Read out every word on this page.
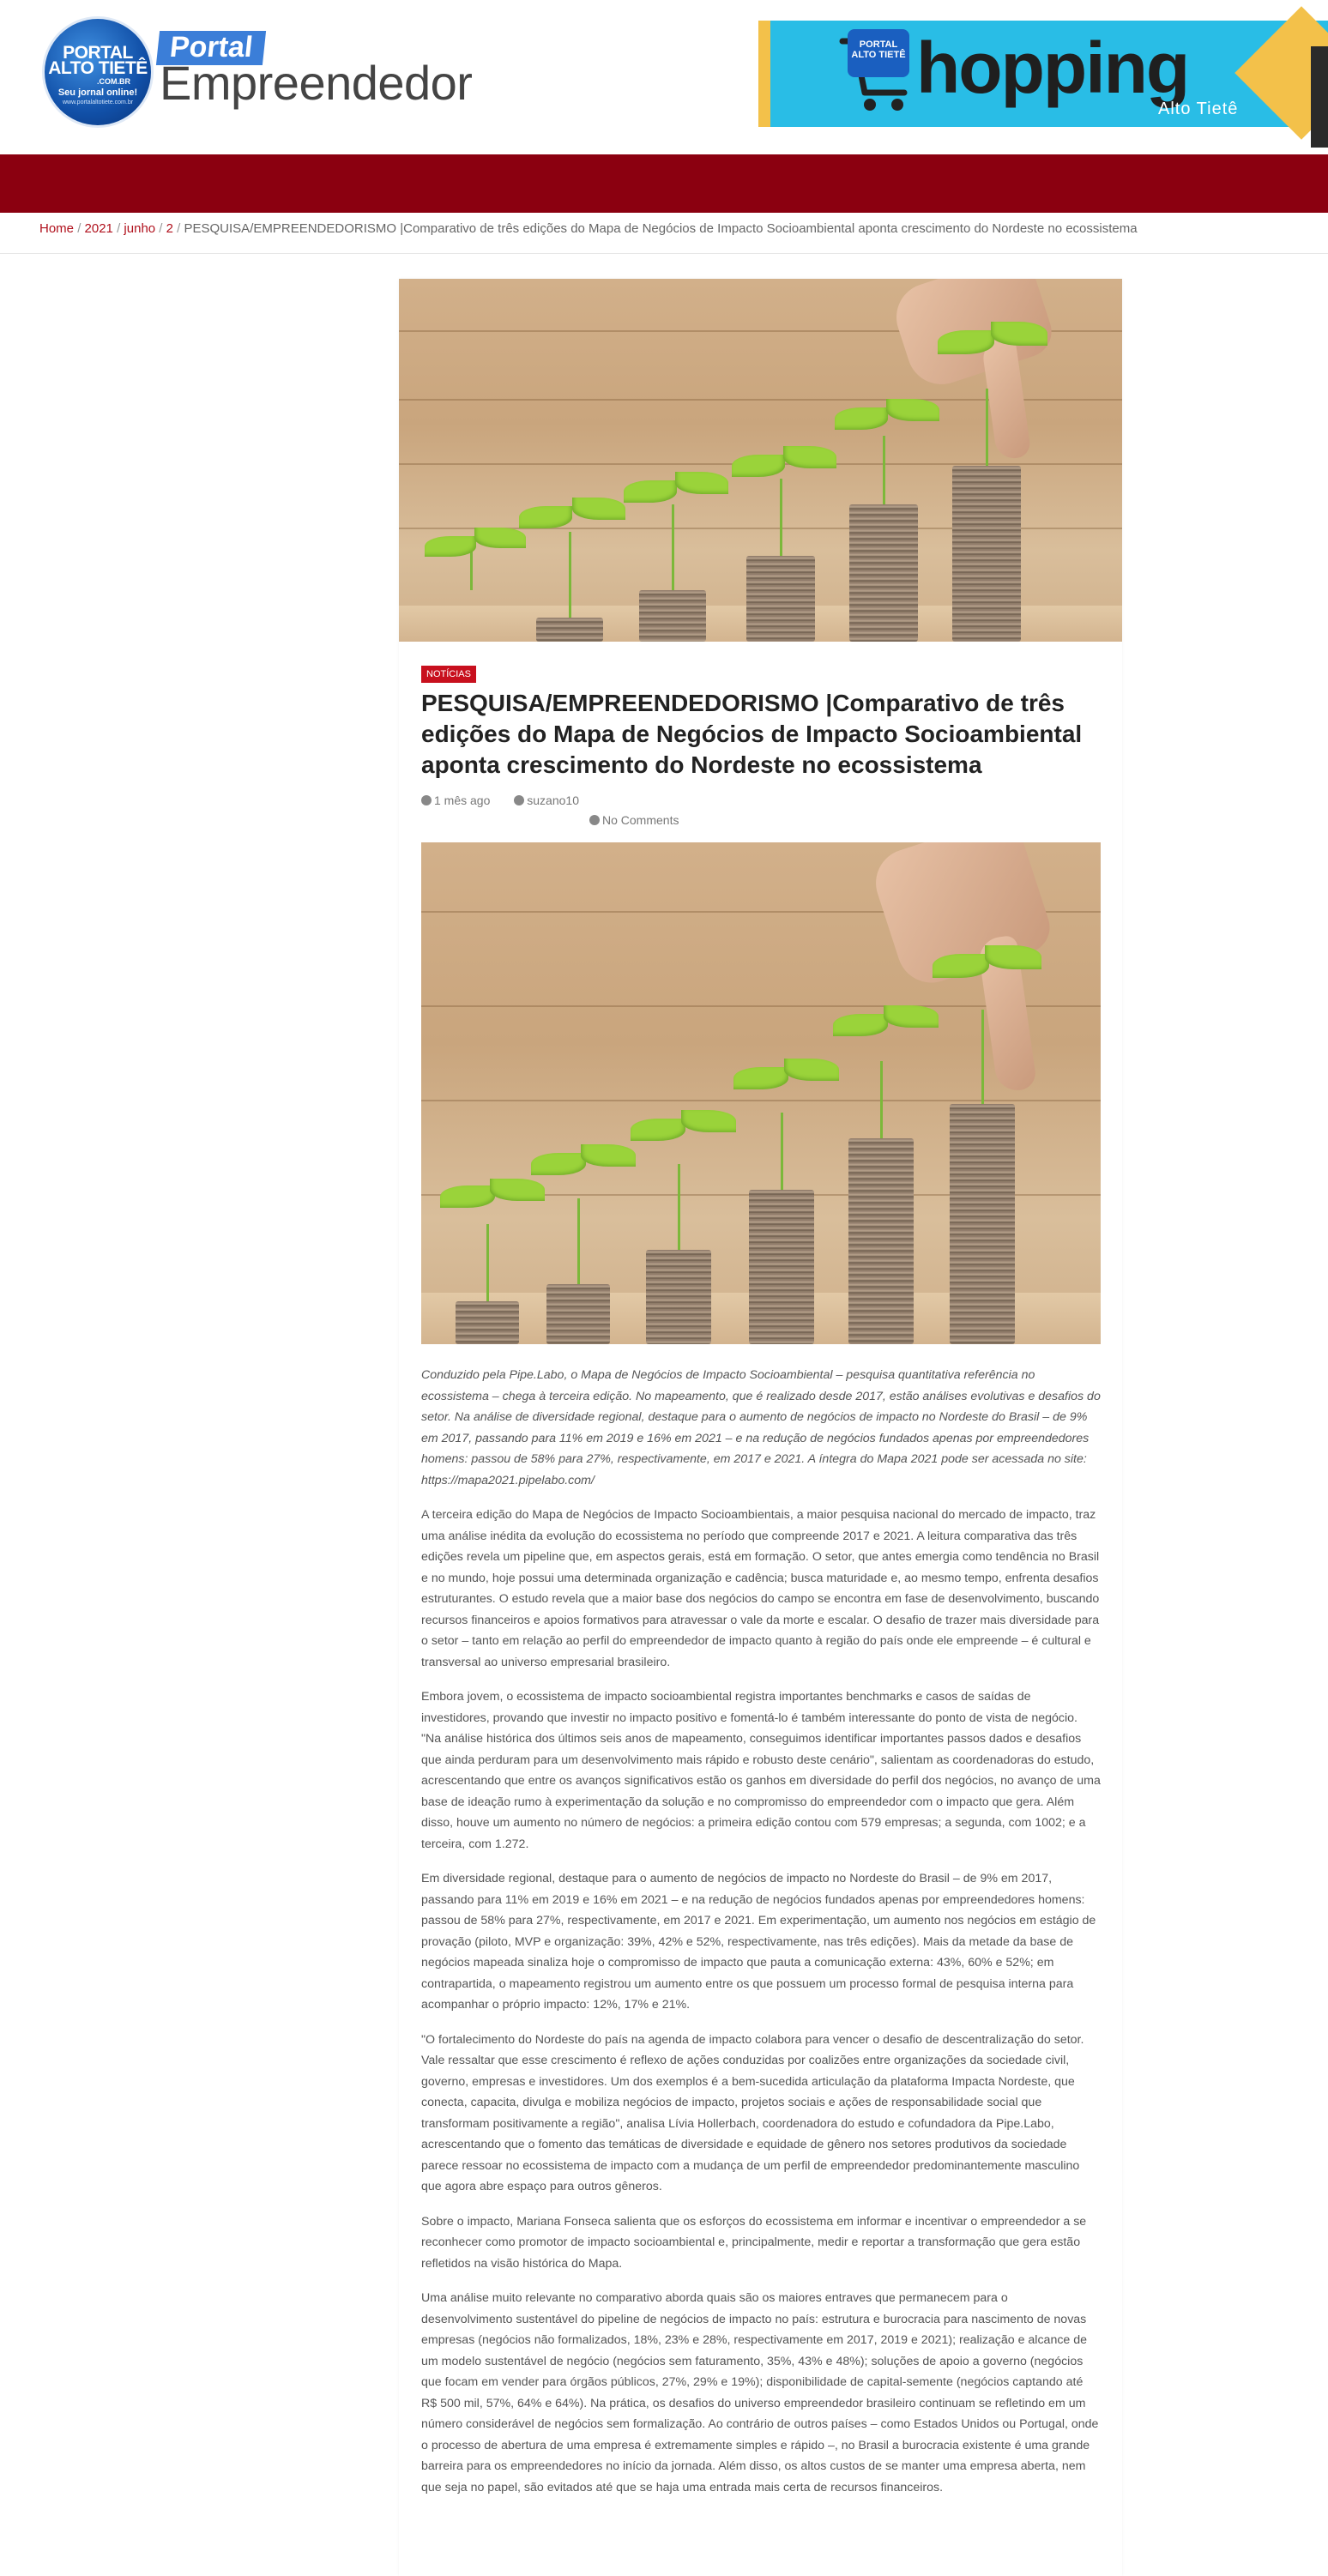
PORTAL
ALTO TIETÊ
.COM.BR
Seu jornal online!
www.portalaltotiete.com.br
Portal
Empreendedor
PORTAL ALTO TIETÊ hopping
Alto Tietê
Home / 2021 / junho / 2 / PESQUISA/EMPREENDEDORISMO |Comparativo de três edições do Mapa de Negócios de Impacto Socioambiental aponta crescimento do Nordeste no ecossistema
NOTÍCIAS
PESQUISA/EMPREENDEDORISMO |Comparativo de três edições do Mapa de Negócios de Impacto Socioambiental aponta crescimento do Nordeste no ecossistema
1 mês ago	suzano10
No Comments

Conduzido pela Pipe.Labo, o Mapa de Negócios de Impacto Socioambiental – pesquisa quantitativa referência no ecossistema – chega à terceira edição. No mapeamento, que é realizado desde 2017, estão análises evolutivas e desafios do setor. Na análise de diversidade regional, destaque para o aumento de negócios de impacto no Nordeste do Brasil – de 9% em 2017, passando para 11% em 2019 e 16% em 2021 – e na redução de negócios fundados apenas por empreendedores homens: passou de 58% para 27%, respectivamente, em 2017 e 2021. A íntegra do Mapa 2021 pode ser acessada no site: https://mapa2021.pipelabo.com/

A terceira edição do Mapa de Negócios de Impacto Socioambientais, a maior pesquisa nacional do mercado de impacto, traz uma análise inédita da evolução do ecossistema no período que compreende 2017 e 2021. A leitura comparativa das três edições revela um pipeline que, em aspectos gerais, está em formação. O setor, que antes emergia como tendência no Brasil e no mundo, hoje possui uma determinada organização e cadência; busca maturidade e, ao mesmo tempo, enfrenta desafios estruturantes. O estudo revela que a maior base dos negócios do campo se encontra em fase de desenvolvimento, buscando recursos financeiros e apoios formativos para atravessar o vale da morte e escalar. O desafio de trazer mais diversidade para o setor – tanto em relação ao perfil do empreendedor de impacto quanto à região do país onde ele empreende – é cultural e transversal ao universo empresarial brasileiro.

Embora jovem, o ecossistema de impacto socioambiental registra importantes benchmarks e casos de saídas de investidores, provando que investir no impacto positivo e fomentá-lo é também interessante do ponto de vista de negócio. "Na análise histórica dos últimos seis anos de mapeamento, conseguimos identificar importantes passos dados e desafios que ainda perduram para um desenvolvimento mais rápido e robusto deste cenário", salientam as coordenadoras do estudo, acrescentando que entre os avanços significativos estão os ganhos em diversidade do perfil dos negócios, no avanço de uma base de ideação rumo à experimentação da solução e no compromisso do empreendedor com o impacto que gera. Além disso, houve um aumento no número de negócios: a primeira edição contou com 579 empresas; a segunda, com 1002; e a terceira, com 1.272.

Em diversidade regional, destaque para o aumento de negócios de impacto no Nordeste do Brasil – de 9% em 2017, passando para 11% em 2019 e 16% em 2021 – e na redução de negócios fundados apenas por empreendedores homens: passou de 58% para 27%, respectivamente, em 2017 e 2021. Em experimentação, um aumento nos negócios em estágio de provação (piloto, MVP e organização: 39%, 42% e 52%, respectivamente, nas três edições). Mais da metade da base de negócios mapeada sinaliza hoje o compromisso de impacto que pauta a comunicação externa: 43%, 60% e 52%; em contrapartida, o mapeamento registrou um aumento entre os que possuem um processo formal de pesquisa interna para acompanhar o próprio impacto: 12%, 17% e 21%.

"O fortalecimento do Nordeste do país na agenda de impacto colabora para vencer o desafio de descentralização do setor. Vale ressaltar que esse crescimento é reflexo de ações conduzidas por coalizões entre organizações da sociedade civil, governo, empresas e investidores. Um dos exemplos é a bem-sucedida articulação da plataforma Impacta Nordeste, que conecta, capacita, divulga e mobiliza negócios de impacto, projetos sociais e ações de responsabilidade social que transformam positivamente a região", analisa Lívia Hollerbach, coordenadora do estudo e cofundadora da Pipe.Labo, acrescentando que o fomento das temáticas de diversidade e equidade de gênero nos setores produtivos da sociedade parece ressoar no ecossistema de impacto com a mudança de um perfil de empreendedor predominantemente masculino que agora abre espaço para outros gêneros.

Sobre o impacto, Mariana Fonseca salienta que os esforços do ecossistema em informar e incentivar o empreendedor a se reconhecer como promotor de impacto socioambiental e, principalmente, medir e reportar a transformação que gera estão refletidos na visão histórica do Mapa.

Uma análise muito relevante no comparativo aborda quais são os maiores entraves que permanecem para o desenvolvimento sustentável do pipeline de negócios de impacto no país: estrutura e burocracia para nascimento de novas empresas (negócios não formalizados, 18%, 23% e 28%, respectivamente em 2017, 2019 e 2021); realização e alcance de um modelo sustentável de negócio (negócios sem faturamento, 35%, 43% e 48%); soluções de apoio a governo (negócios que focam em vender para órgãos públicos, 27%, 29% e 19%); disponibilidade de capital-semente (negócios captando até R$ 500 mil, 57%, 64% e 64%). Na prática, os desafios do universo empreendedor brasileiro continuam se refletindo em um número considerável de negócios sem formalização. Ao contrário de outros países – como Estados Unidos ou Portugal, onde o processo de abertura de uma empresa é extremamente simples e rápido –, no Brasil a burocracia existente é uma grande barreira para os empreendedores no início da jornada. Além disso, os altos custos de se manter uma empresa aberta, nem que seja no papel, são evitados até que se haja uma entrada mais certa de recursos financeiros.
